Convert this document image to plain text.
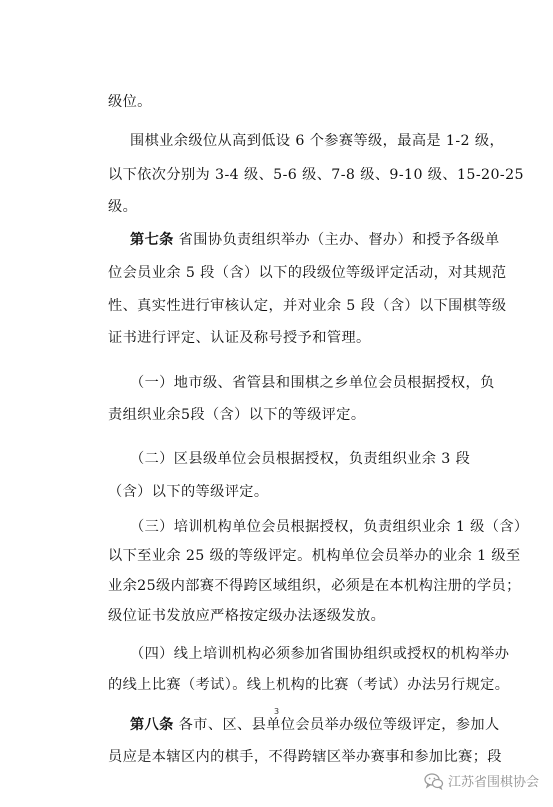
级位。
围棋业余级位从高到低设 6 个参赛等级，最高是 1-2 级，
以下依次分别为 3-4 级、5-6 级、7-8 级、9-10 级、15-20-25
级。
第七条 省围协负责组织举办（主办、督办）和授予各级单
位会员业余 5 段（含）以下的段级位等级评定活动，对其规范
性、真实性进行审核认定，并对业余 5 段（含）以下围棋等级
证书进行评定、认证及称号授予和管理。
（一）地市级、省管县和围棋之乡单位会员根据授权，负
责组织业余5段（含）以下的等级评定。
（二）区县级单位会员根据授权，负责组织业余 3 段
（含）以下的等级评定。
（三）培训机构单位会员根据授权，负责组织业余 1 级（含）
以下至业余 25 级的等级评定。机构单位会员举办的业余 1 级至
业余25级内部赛不得跨区域组织，必须是在本机构注册的学员；
级位证书发放应严格按定级办法逐级发放。
（四）线上培训机构必须参加省围协组织或授权的机构举办
的线上比赛（考试）。线上机构的比赛（考试）办法另行规定。
第八条 各市、区、县单位会员举办级位等级评定，参加人
员应是本辖区内的棋手，不得跨辖区举办赛事和参加比赛；段
3
江苏省围棋协会
